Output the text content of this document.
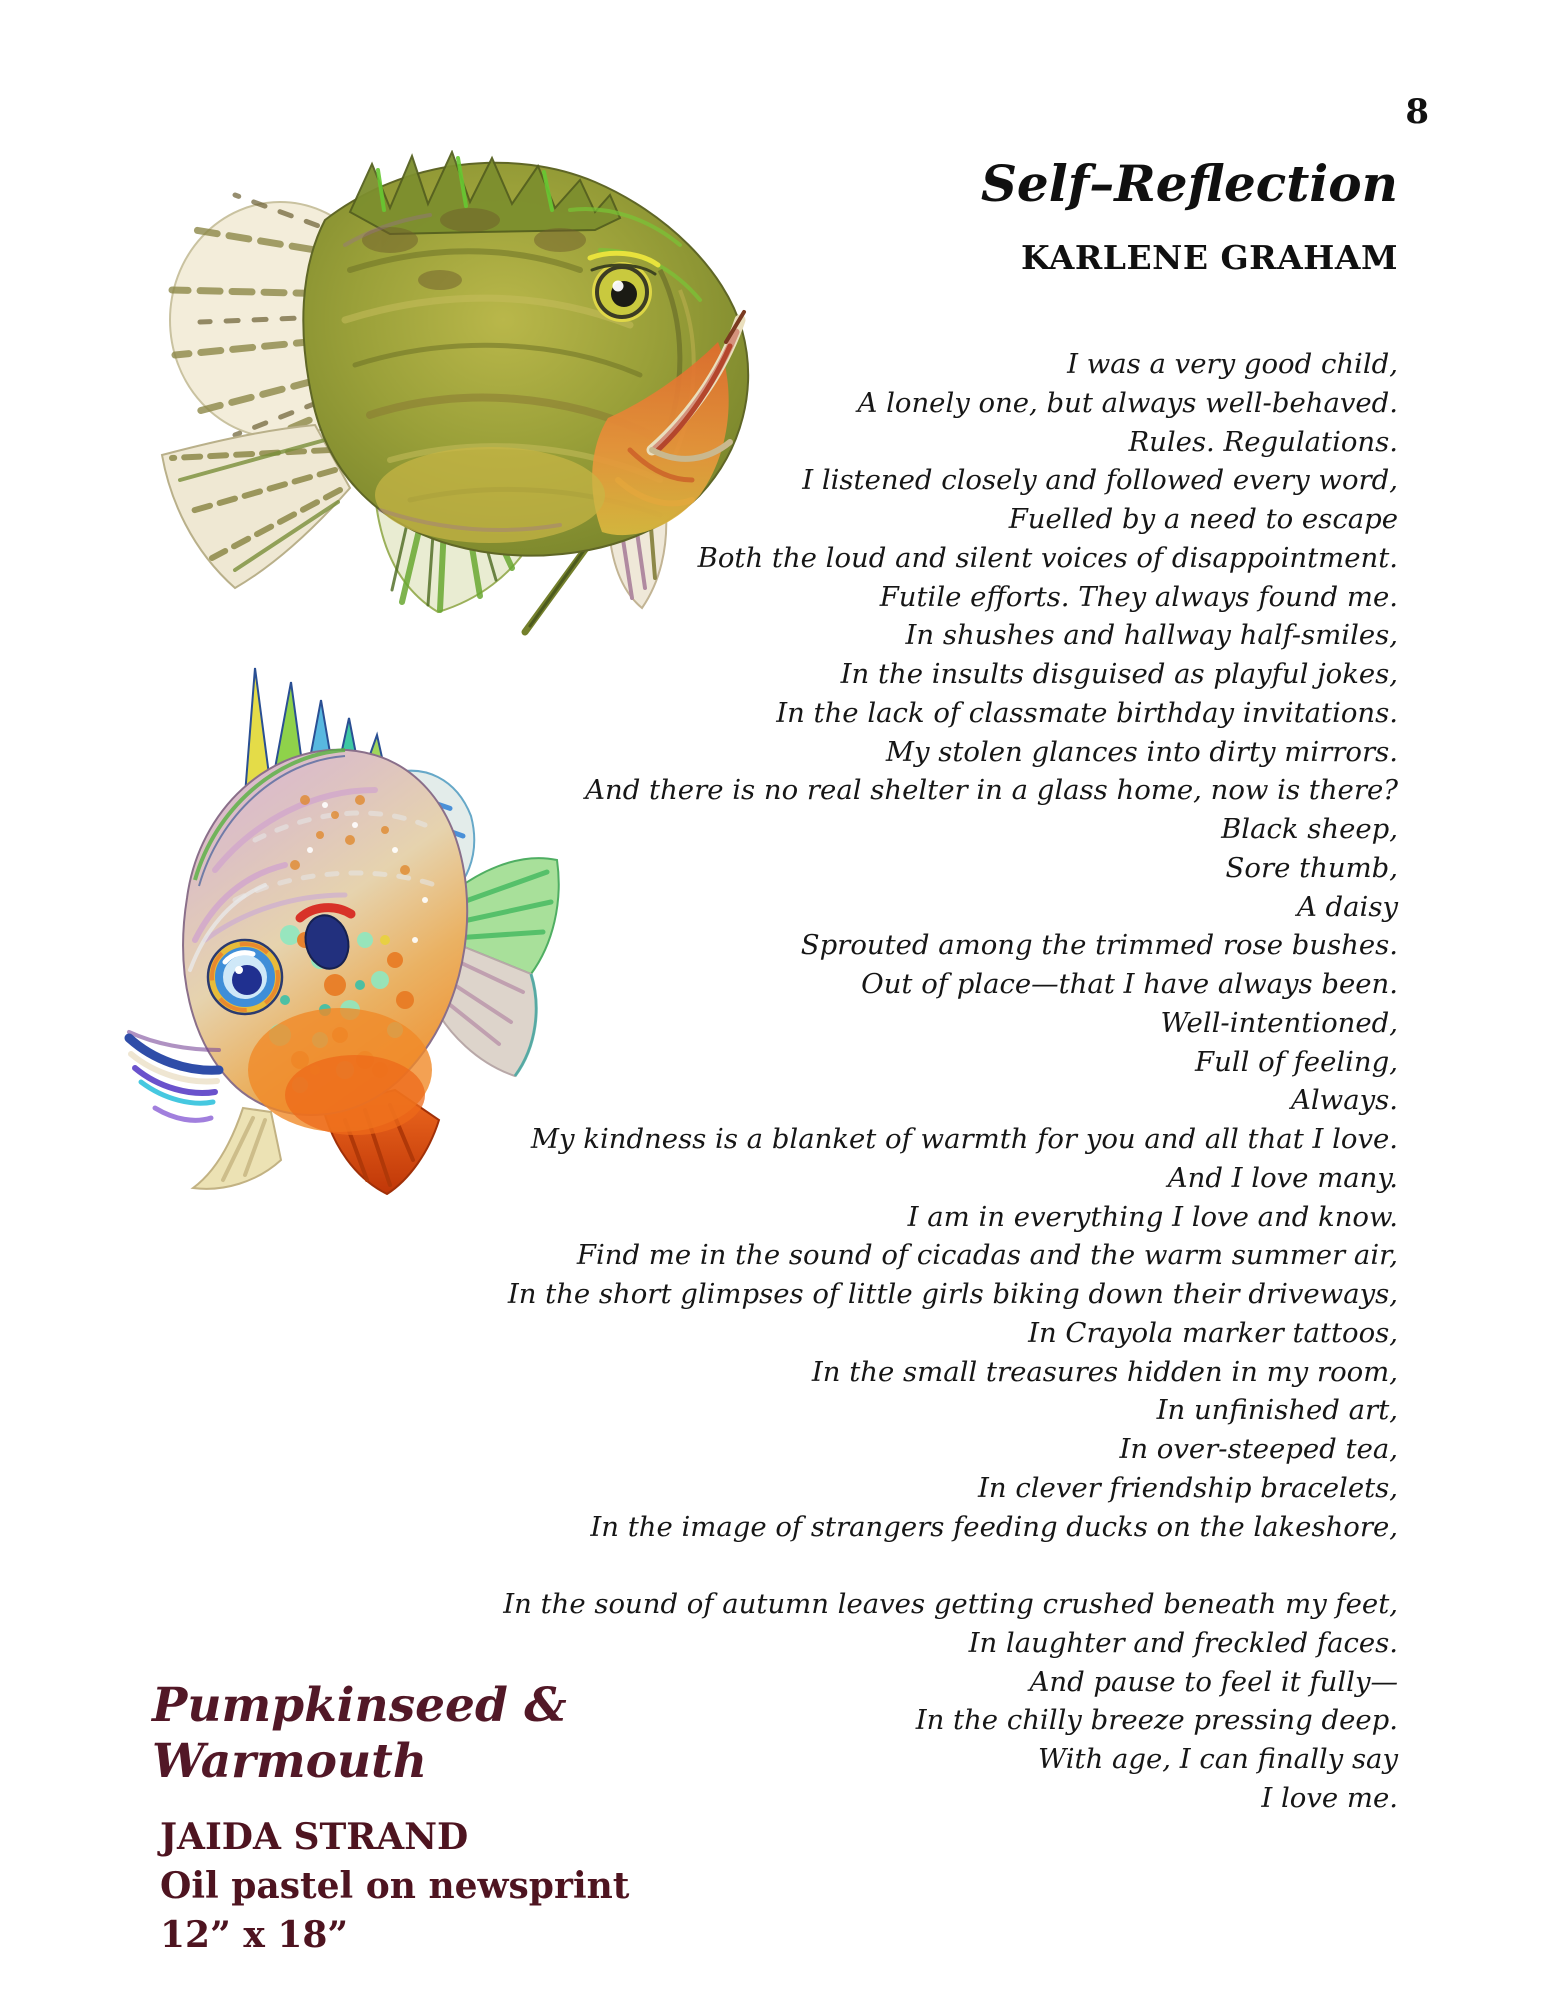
8
Self–Reflection
KARLENE GRAHAM
I was a very good child,
A lonely one, but always well-behaved.
Rules. Regulations.
I listened closely and followed every word,
Fuelled by a need to escape
Both the loud and silent voices of disappointment.
Futile efforts. They always found me.
In shushes and hallway half-smiles,
In the insults disguised as playful jokes,
In the lack of classmate birthday invitations.
My stolen glances into dirty mirrors.
And there is no real shelter in a glass home, now is there?
Black sheep,
Sore thumb,
A daisy
Sprouted among the trimmed rose bushes.
Out of place—that I have always been.
Well-intentioned,
Full of feeling,
Always.
My kindness is a blanket of warmth for you and all that I love.
And I love many.
I am in everything I love and know.
Find me in the sound of cicadas and the warm summer air,
In the short glimpses of little girls biking down their driveways,
In Crayola marker tattoos,
In the small treasures hidden in my room,
In unfinished art,
In over-steeped tea,
In clever friendship bracelets,
In the image of strangers feeding ducks on the lakeshore,
In the sound of autumn leaves getting crushed beneath my feet,
In laughter and freckled faces.
And pause to feel it fully—
In the chilly breeze pressing deep.
With age, I can finally say
I love me.
Pumpkinseed & Warmouth
JAIDA STRAND
Oil pastel on newsprint
12” x 18”
